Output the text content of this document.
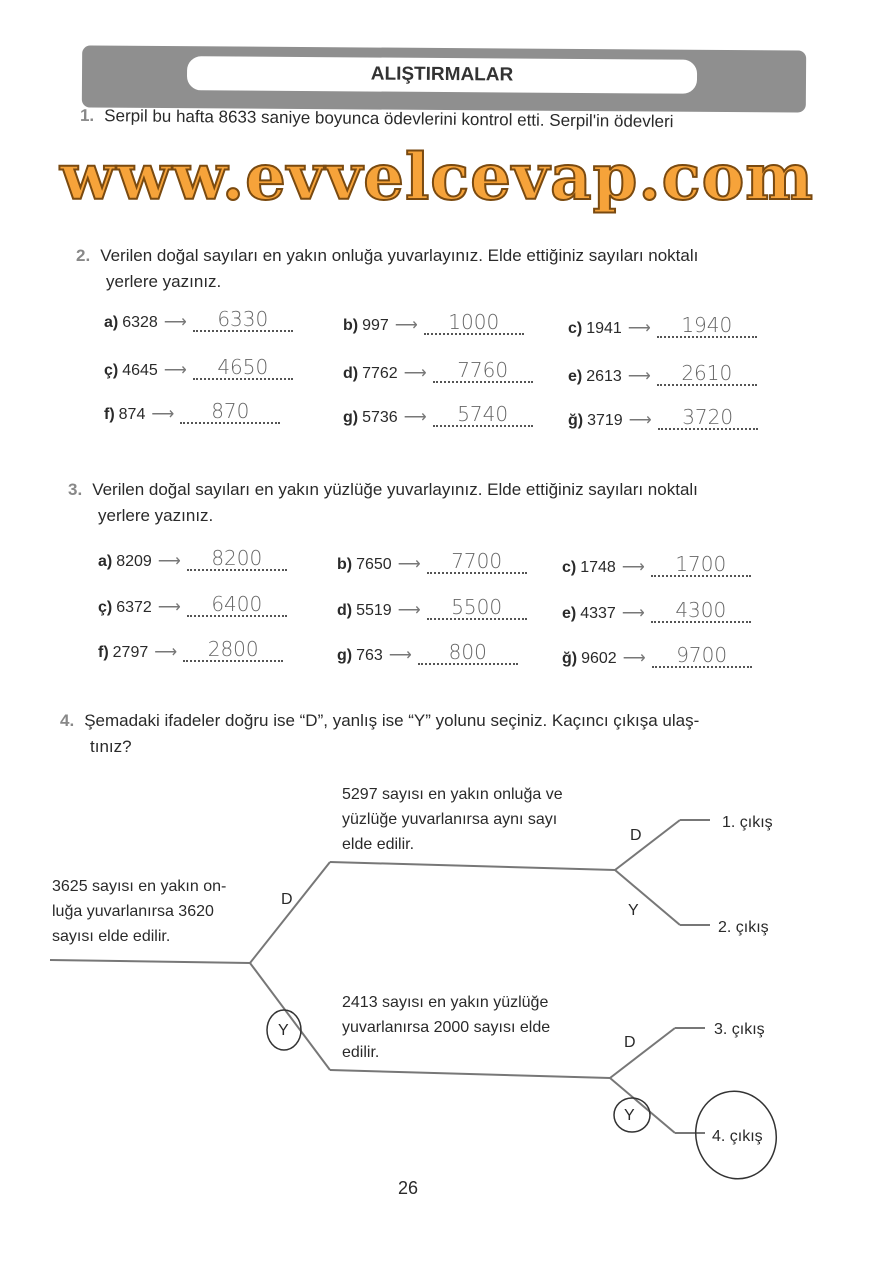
ALIŞTIRMALAR
1. Serpil bu hafta 8633 saniye boyunca ödevlerini kontrol etti. Serpil'in ödevleri
www.evvelcevap.com
2. Verilen doğal sayıları en yakın onluğa yuvarlayınız. Elde ettiğiniz sayıları noktalı
yerlere yazınız.
a) 6328 ⟶	6330	b) 997 ⟶	1000	c) 1941 ⟶	1940
ç) 4645 ⟶	4650	d) 7762 ⟶	7760	e) 2613 ⟶	2610
f) 874 ⟶	870	g) 5736 ⟶	5740	ğ) 3719 ⟶	3720
3. Verilen doğal sayıları en yakın yüzlüğe yuvarlayınız. Elde ettiğiniz sayıları noktalı
yerlere yazınız.
a) 8209 ⟶	8200	b) 7650 ⟶	7700	c) 1748 ⟶	1700
ç) 6372 ⟶	6400	d) 5519 ⟶	5500	e) 4337 ⟶	4300
f) 2797 ⟶	2800	g) 763 ⟶	800	ğ) 9602 ⟶	9700
4. Şemadaki ifadeler doğru ise “D”, yanlış ise “Y” yolunu seçiniz. Kaçıncı çıkışa ulaş-
tınız?
3625 sayısı en yakın on-
luğa yuvarlanırsa 3620
sayısı elde edilir.
5297 sayısı en yakın onluğa ve
yüzlüğe yuvarlanırsa aynı sayı
elde edilir.
2413 sayısı en yakın yüzlüğe
yuvarlanırsa 2000 sayısı elde
edilir.
D
Y
D
Y
D
Y
1. çıkış
2. çıkış
3. çıkış
4. çıkış
26
